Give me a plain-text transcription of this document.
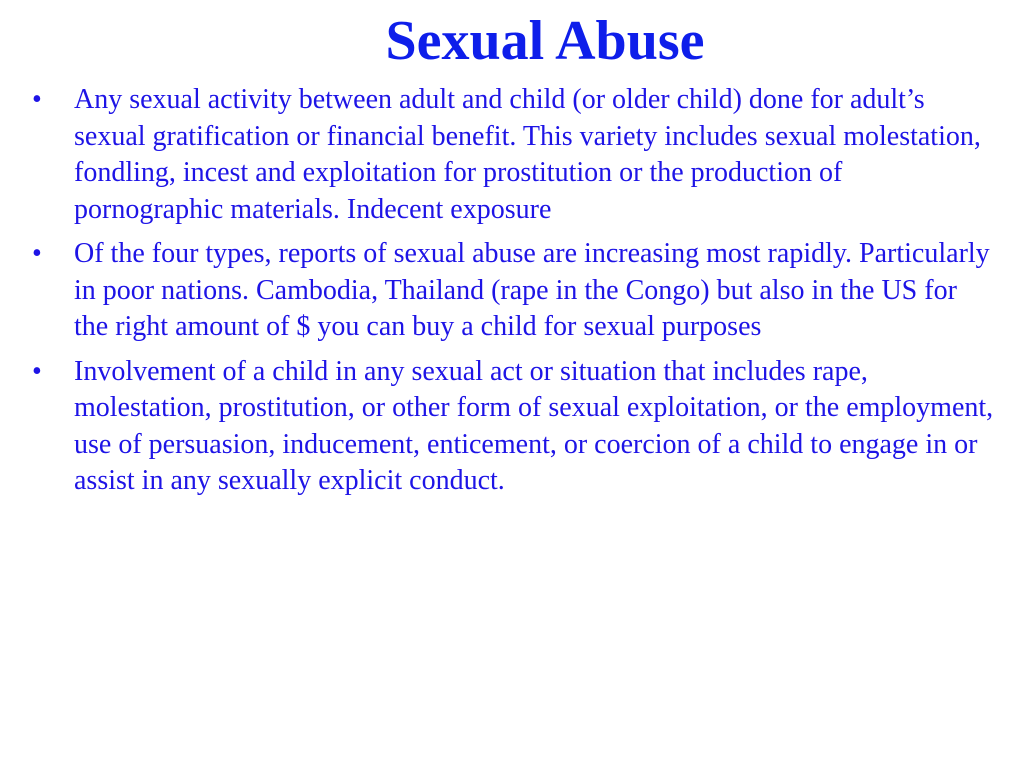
Sexual Abuse
• Any sexual activity between adult and child (or older child) done for adult’s sexual gratification or financial benefit. This variety includes sexual molestation, fondling, incest and exploitation for prostitution or the production of pornographic materials. Indecent exposure
• Of the four types, reports of sexual abuse are increasing most rapidly. Particularly in poor nations. Cambodia, Thailand (rape in the Congo) but also in the US for the right amount of $ you can buy a child for sexual purposes
• Involvement of a child in any sexual act or situation that includes rape, molestation, prostitution, or other form of sexual exploitation, or the employment, use of persuasion, inducement, enticement, or coercion of a child to engage in or assist in any sexually explicit conduct.
